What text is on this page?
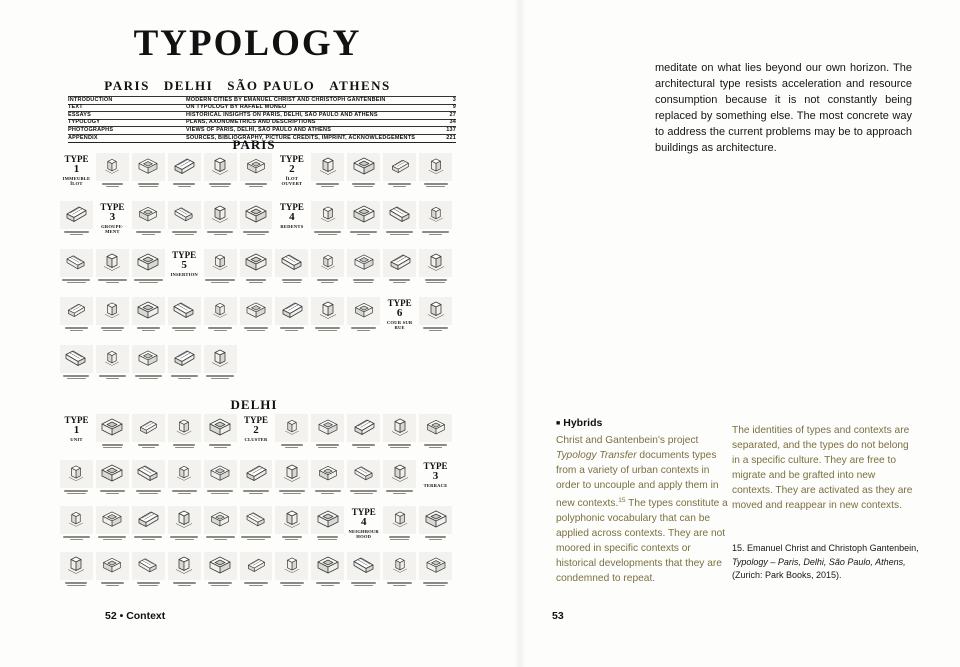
TYPOLOGY
PARIS DELHI SÃO PAULO ATHENS
INTRODUCTION	MODERN CITIES BY EMANUEL CHRIST AND CHRISTOPH GANTENBEIN	3
TEXT	ON TYPOLOGY BY RAFAEL MONEO	9
ESSAYS	HISTORICAL INSIGHTS ON PARIS, DELHI, SÃO PAULO AND ATHENS	27
TYPOLOGY	PLANS, AXONOMETRICS AND DESCRIPTIONS	34
PHOTOGRAPHS	VIEWS OF PARIS, DELHI, SÃO PAULO AND ATHENS	137
APPENDIX	SOURCES, BIBLIOGRAPHY, PICTURE CREDITS, IMPRINT, ACKNOWLEDGEMENTS	221
PARIS
TYPE
1
IMMEUBLE ÎLOT
TYPE
2
ÎLOT OUVERT
TYPE
3
GROUPE-MENT
TYPE
4
REDENTS
TYPE
5
INSERTION
TYPE
6
COUR SUR RUE
DELHI
TYPE
1
UNIT
TYPE
2
CLUSTER
TYPE
3
TERRACE
TYPE
4
NEIGHBOUR HOOD
52 • Context

meditate on what lies beyond our own horizon. The architectural type resists acceleration and resource consumption because it is not constantly being replaced by something else. The most concrete way to address the current problems may be to approach buildings as architecture.

■ Hybrids
Christ and Gantenbein's project Typology Transfer documents types from a variety of urban contexts in order to uncouple and apply them in new contexts.$^{15}$ The types constitute a polyphonic vocabulary that can be applied across contexts. They are not moored in specific contexts or historical developments that they are condemned to repeat.
The identities of types and contexts are separated, and the types do not belong in a specific culture. They are free to migrate and be grafted into new contexts. They are activated as they are moved and reappear in new contexts.
15. Emanuel Christ and Christoph Gantenbein, Typology – Paris, Delhi, São Paulo, Athens, (Zurich: Park Books, 2015).
53
